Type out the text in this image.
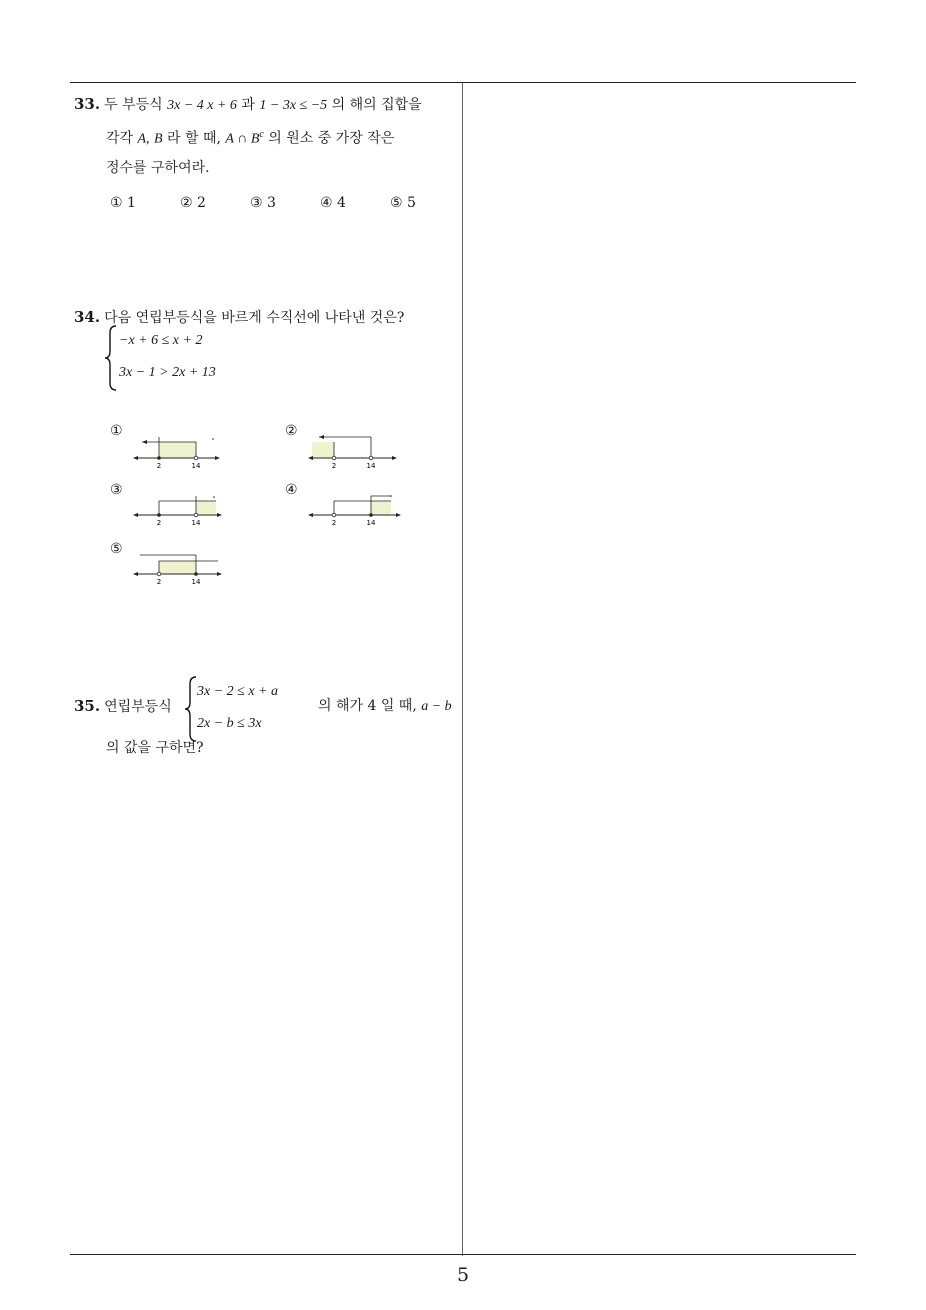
5
33. 두 부등식 3x − 4 x + 6 과 1 − 3x ≤ −5 의 해의 집합을
각각 A, B 라 할 때, A ∩ $B^c$ 의 원소 중 가장 작은
정수를 구하여라.
① 1	② 2	③ 3	④ 4	⑤ 5
34. 다음 연립부등식을 바르게 수직선에 나타낸 것은?
−x + 6 ≤ x + 2
3x − 1 > 2x + 13
①
2	14
②
2	14
③
2	14
④
2	14
⑤
2	14
35. 연립부등식
3x − 2 ≤ x + a
2x − b ≤ 3x
의 해가 4 일 때, a − b
의 값을 구하면?
